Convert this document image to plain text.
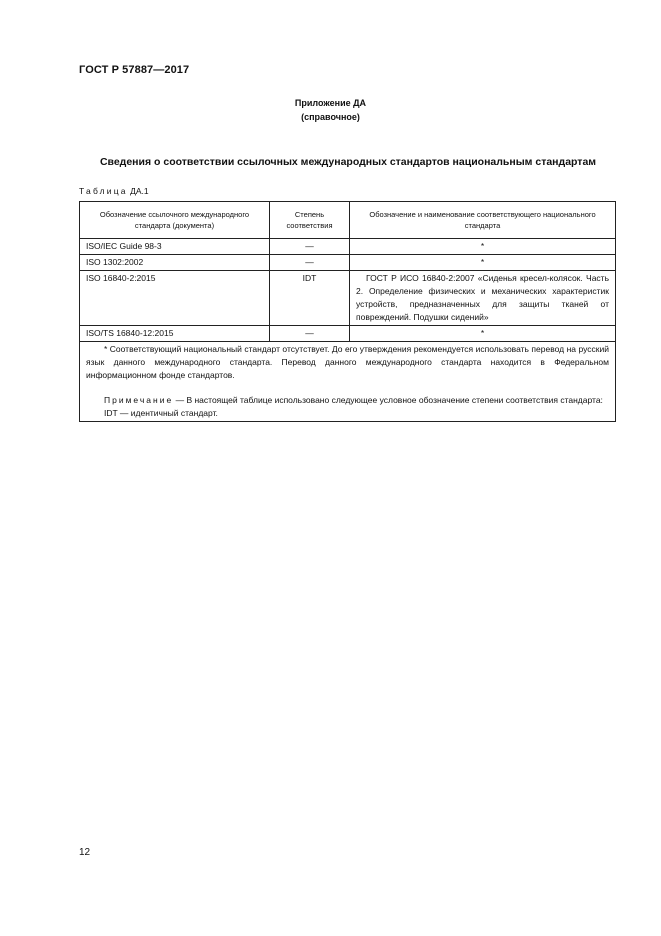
ГОСТ Р 57887—2017
Приложение ДА
(справочное)
Сведения о соответствии ссылочных международных стандартов национальным стандартам
Таблица ДА.1
Обозначение ссылочного международного стандарта (документа)	Степень соответствия	Обозначение и наименование соответствующего национального стандарта
ISO/IEC Guide 98-3	—	*
ISO 1302:2002	—	*
ISO 16840-2:2015	IDT	ГОСТ Р ИСО 16840-2:2007 «Сиденья кресел-колясок. Часть 2. Определение физических и механических характеристик устройств, предназначенных для защиты тканей от повреждений. Подушки сидений»
ISO/TS 16840-12:2015	—	*

* Соответствующий национальный стандарт отсутствует. До его утверждения рекомендуется использовать перевод на русский язык данного международного стандарта. Перевод данного международного стандарта находится в Федеральном информационном фонде стандартов.
Примечание — В настоящей таблице использовано следующее условное обозначение степени соответствия стандарта:
IDT — идентичный стандарт.		
12
